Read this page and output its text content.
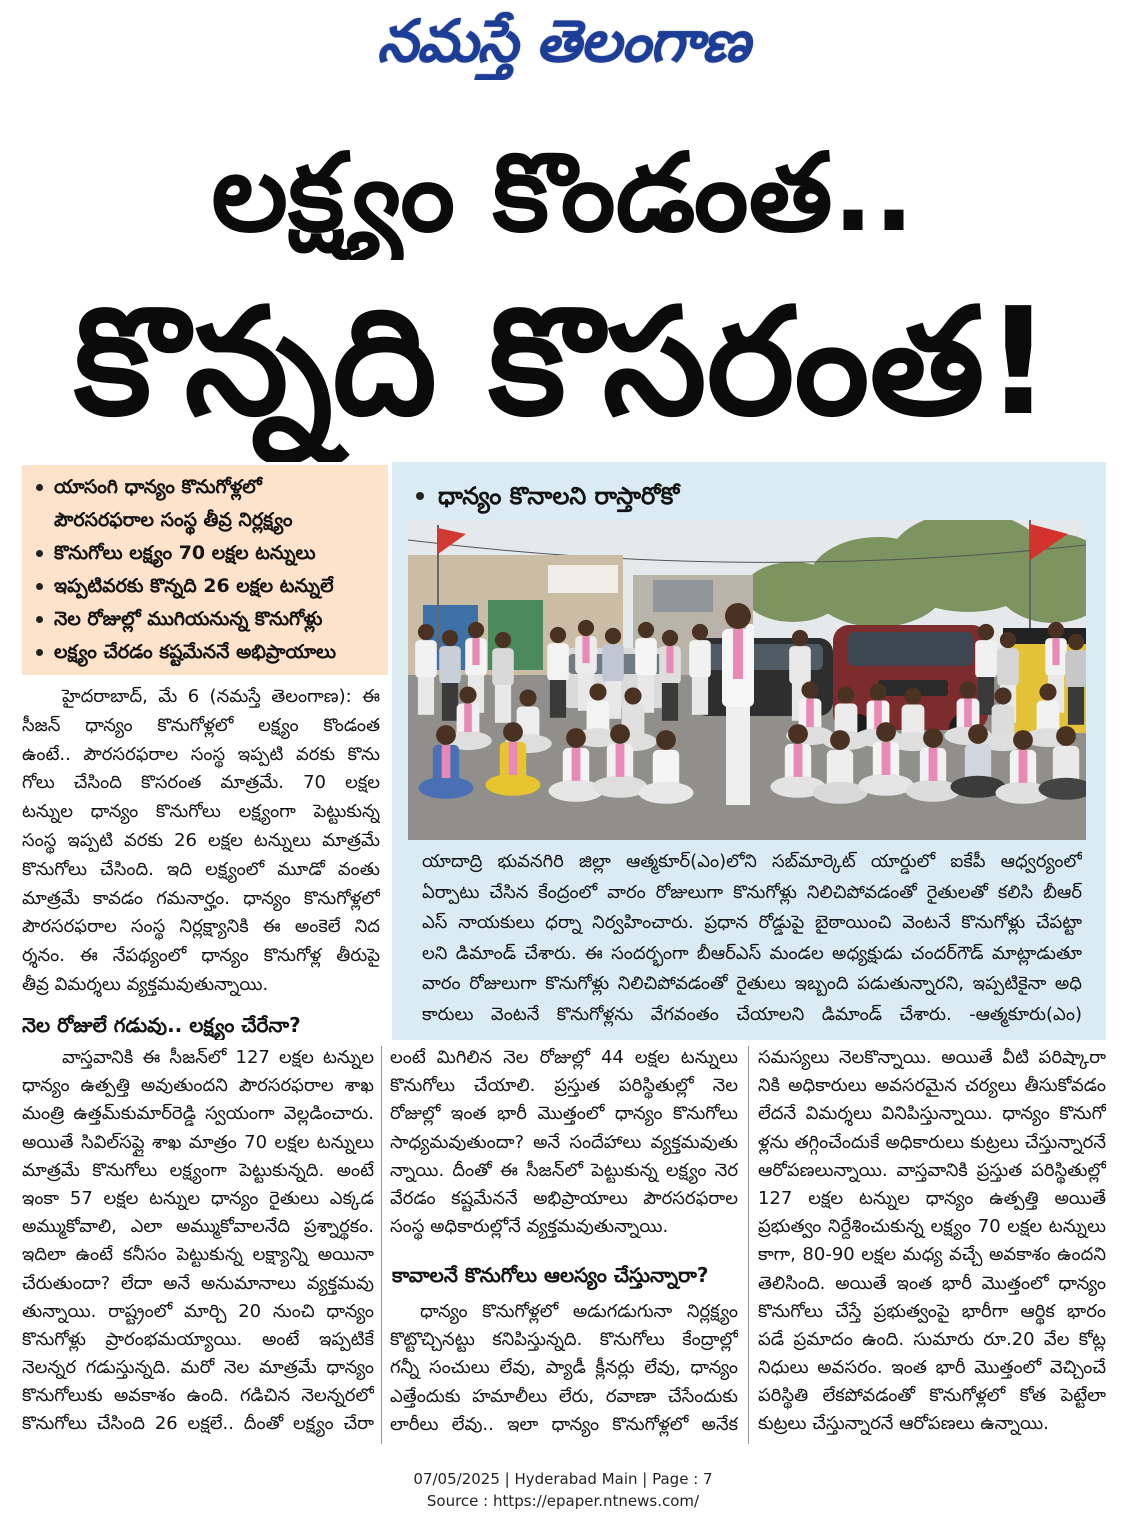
నమస్తే తెలంగాణ
లక్ష్యం కొండంత..
కొన్నది కొసరంత!
యాసంగి ధాన్యం కొనుగోళ్లలో
పౌరసరఫరాల సంస్థ తీవ్ర నిర్లక్ష్యం
కొనుగోలు లక్ష్యం 70 లక్షల టన్నులు
ఇప్పటివరకు కొన్నది 26 లక్షల టన్నులే
నెల రోజుల్లో ముగియనున్న కొనుగోళ్లు
లక్ష్యం చేరడం కష్టమేననే అభిప్రాయాలు
ధాన్యం కొనాలని రాస్తారోకో
యాదాద్రి భువనగిరి జిల్లా ఆత్మకూర్(ఎం)లోని సబ్‌మార్కెట్ యార్డులో ఐకేపీ ఆధ్వర్యంలో
ఏర్పాటు చేసిన కేంద్రంలో వారం రోజులుగా కొనుగోళ్లు నిలిచిపోవడంతో రైతులతో కలిసి బీఆర్
ఎస్ నాయకులు ధర్నా నిర్వహించారు. ప్రధాన రోడ్డుపై బైఠాయించి వెంటనే కొనుగోళ్లు చేపట్టా
లని డిమాండ్ చేశారు. ఈ సందర్భంగా బీఆర్ఎస్ మండల అధ్యక్షుడు చందర్‌గౌడ్ మాట్లాడుతూ
వారం రోజులుగా కొనుగోళ్లు నిలిచిపోవడంతో రైతులు ఇబ్బంది పడుతున్నారని, ఇప్పటికైనా అధి
కారులు వెంటనే కొనుగోళ్లను వేగవంతం చేయాలని డిమాండ్ చేశారు. -ఆత్మకూరు(ఎం)
హైదరాబాద్, మే 6 (నమస్తే తెలంగాణ): ఈ
సీజన్ ధాన్యం కొనుగోళ్లలో లక్ష్యం కొండంత
ఉంటే.. పౌరసరఫరాల సంస్థ ఇప్పటి వరకు కొను
గోలు చేసింది కొసరంత మాత్రమే. 70 లక్షల
టన్నుల ధాన్యం కొనుగోలు లక్ష్యంగా పెట్టుకున్న
సంస్థ ఇప్పటి వరకు 26 లక్షల టన్నులు మాత్రమే
కొనుగోలు చేసింది. ఇది లక్ష్యంలో మూడో వంతు
మాత్రమే కావడం గమనార్హం. ధాన్యం కొనుగోళ్లలో
పౌరసరఫరాల సంస్థ నిర్లక్ష్యానికి ఈ అంకెలే నిద
ర్శనం. ఈ నేపథ్యంలో ధాన్యం కొనుగోళ్ల తీరుపై
తీవ్ర విమర్శలు వ్యక్తమవుతున్నాయి.
నెల రోజులే గడువు.. లక్ష్యం చేరేనా?
వాస్తవానికి ఈ సీజన్‌లో 127 లక్షల టన్నుల
ధాన్యం ఉత్పత్తి అవుతుందని పౌరసరఫరాల శాఖ
మంత్రి ఉత్తమ్‌కుమార్‌రెడ్డి స్వయంగా వెల్లడించారు.
అయితే సివిల్‌సప్లై శాఖ మాత్రం 70 లక్షల టన్నులు
మాత్రమే కొనుగోలు లక్ష్యంగా పెట్టుకున్నది. అంటే
ఇంకా 57 లక్షల టన్నుల ధాన్యం రైతులు ఎక్కడ
అమ్ముకోవాలి, ఎలా అమ్ముకోవాలనేది ప్రశ్నార్థకం.
ఇదిలా ఉంటే కనీసం పెట్టుకున్న లక్ష్యాన్ని అయినా
చేరుతుందా? లేదా అనే అనుమానాలు వ్యక్తమవు
తున్నాయి. రాష్ట్రంలో మార్చి 20 నుంచి ధాన్యం
కొనుగోళ్లు ప్రారంభమయ్యాయి. అంటే ఇప్పటికే
నెలన్నర గడుస్తున్నది. మరో నెల మాత్రమే ధాన్యం
కొనుగోలుకు అవకాశం ఉంది. గడిచిన నెలన్నరలో
కొనుగోలు చేసింది 26 లక్షలే.. దీంతో లక్ష్యం చేరా
లంటే మిగిలిన నెల రోజుల్లో 44 లక్షల టన్నులు
కొనుగోలు చేయాలి. ప్రస్తుత పరిస్థితుల్లో నెల
రోజుల్లో ఇంత భారీ మొత్తంలో ధాన్యం కొనుగోలు
సాధ్యమవుతుందా? అనే సందేహాలు వ్యక్తమవుతు
న్నాయి. దీంతో ఈ సీజన్‌లో పెట్టుకున్న లక్ష్యం నెర
వేరడం కష్టమేననే అభిప్రాయాలు పౌరసరఫరాల
సంస్థ అధికారుల్లోనే వ్యక్తమవుతున్నాయి.
కావాలనే కొనుగోలు ఆలస్యం చేస్తున్నారా?
ధాన్యం కొనుగోళ్లలో అడుగడుగునా నిర్లక్ష్యం
కొట్టొచ్చినట్టు కనిపిస్తున్నది. కొనుగోలు కేంద్రాల్లో
గన్నీ సంచులు లేవు, ప్యాడీ క్లీనర్లు లేవు, ధాన్యం
ఎత్తేందుకు హమాలీలు లేరు, రవాణా చేసేందుకు
లారీలు లేవు.. ఇలా ధాన్యం కొనుగోళ్లలో అనేక
సమస్యలు నెలకొన్నాయి. అయితే వీటి పరిష్కారా
నికి అధికారులు అవసరమైన చర్యలు తీసుకోవడం
లేదనే విమర్శలు వినిపిస్తున్నాయి. ధాన్యం కొనుగో
ళ్లను తగ్గించేందుకే అధికారులు కుట్రలు చేస్తున్నారనే
ఆరోపణలున్నాయి. వాస్తవానికి ప్రస్తుత పరిస్థితుల్లో
127 లక్షల టన్నుల ధాన్యం ఉత్పత్తి అయితే
ప్రభుత్వం నిర్దేశించుకున్న లక్ష్యం 70 లక్షల టన్నులు
కాగా, 80-90 లక్షల మధ్య వచ్చే అవకాశం ఉందని
తెలిసింది. అయితే ఇంత భారీ మొత్తంలో ధాన్యం
కొనుగోలు చేస్తే ప్రభుత్వంపై భారీగా ఆర్థిక భారం
పడే ప్రమాదం ఉంది. సుమారు రూ.20 వేల కోట్ల
నిధులు అవసరం. ఇంత భారీ మొత్తంలో వెచ్చించే
పరిస్థితి లేకపోవడంతో కొనుగోళ్లలో కోత పెట్టేలా
కుట్రలు చేస్తున్నారనే ఆరోపణలు ఉన్నాయి.
07/05/2025 | Hyderabad Main | Page : 7
Source : https://epaper.ntnews.com/
